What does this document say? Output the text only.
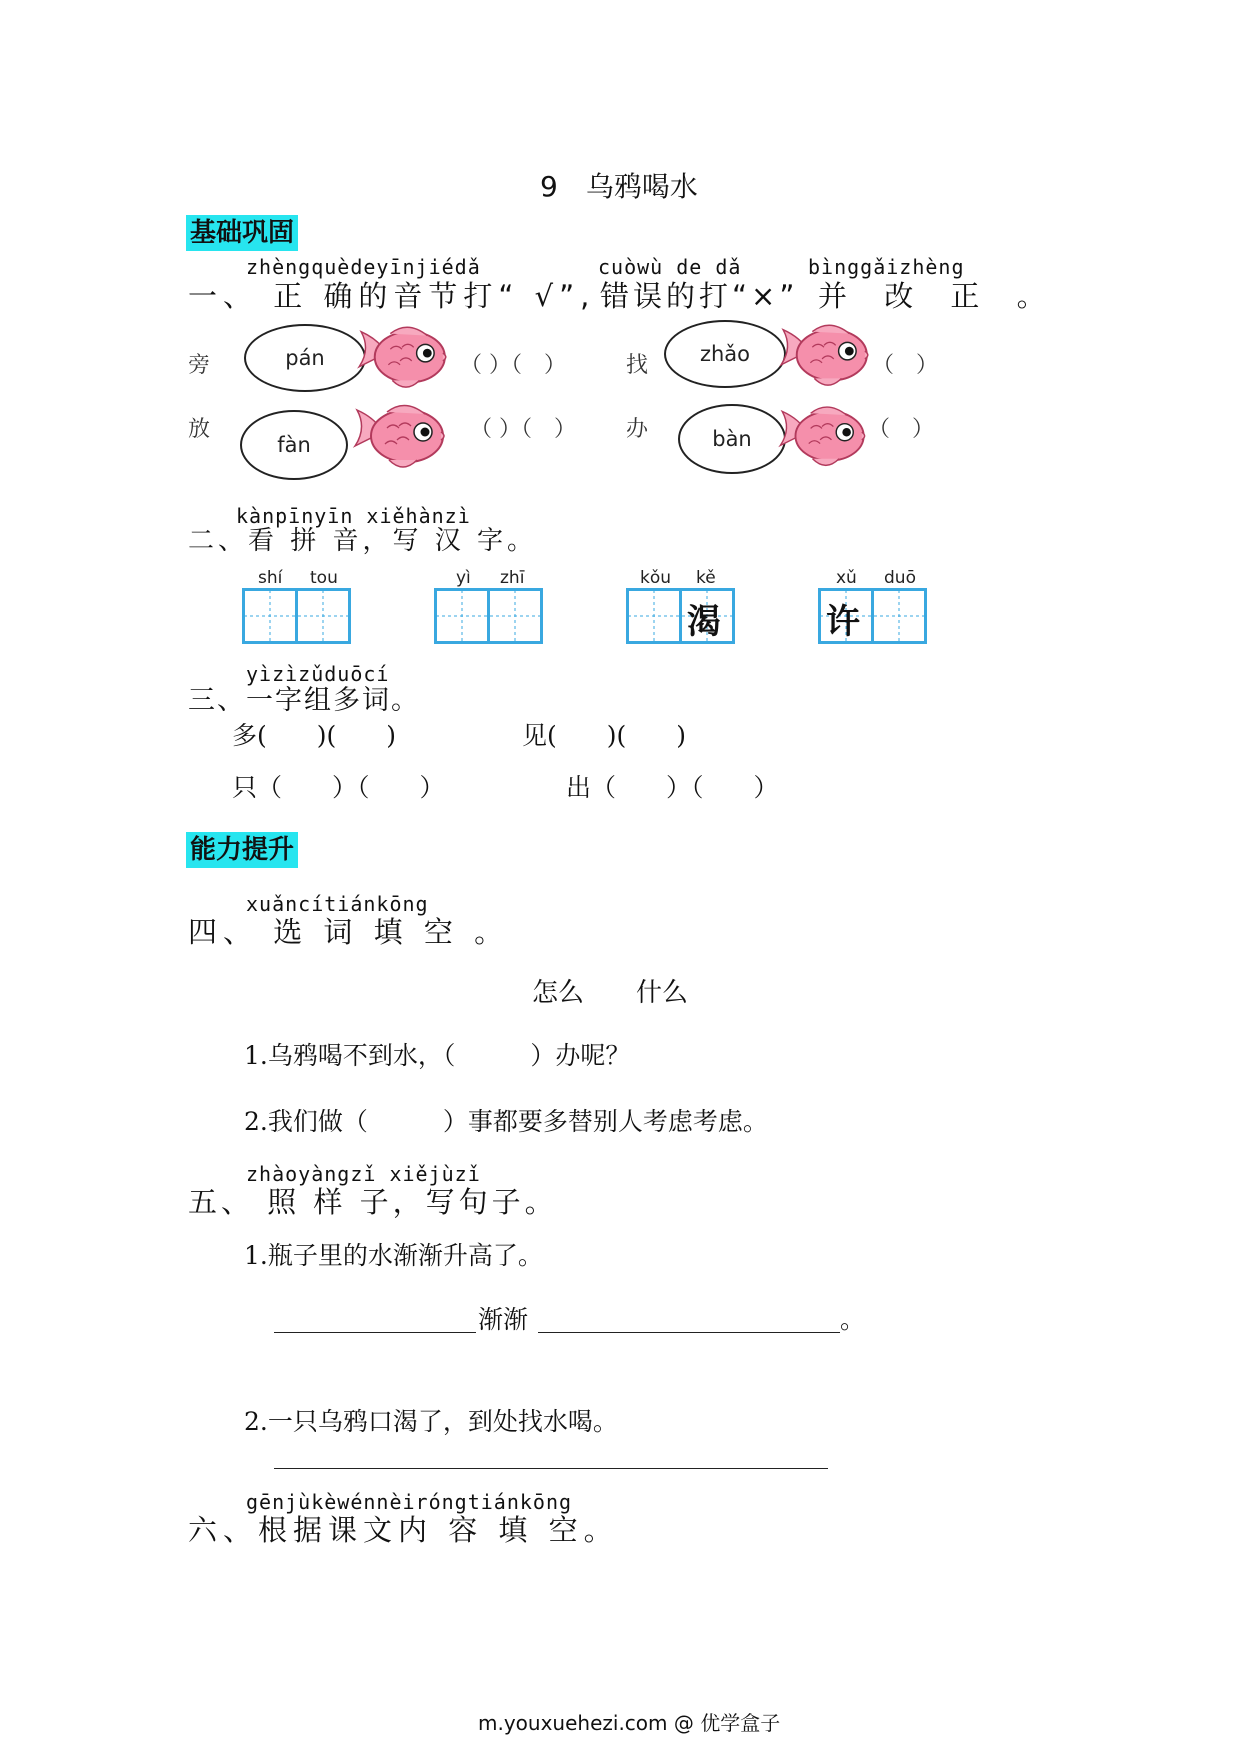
9　乌鸦喝水
基础巩固
zhèngquèdeyīnjiédǎ	cuòwù de dǎ	bìnggǎizhèng
一、 正 确的音节打“ √”, 错误的打“×” 并 改 正 。
旁	pán	（ ）（　）	找 zhǎo	（　）
放
fàn
（ ）（　） 办	bàn	（　）
kànpīnyīn xiěhànzì
二、看 拼 音，写 汉 字。
shí tou	yì zhī	kǒu kě
渴
xǔ duō
许
yìzìzǔduōcí
三、一字组多词。
多(　　)(　　)	见(　　)(　　)
只（　　）（　　）	出（　　）（　　）
能力提升
xuǎncítiánkōng
四、 选 词 填 空 。
怎么　　什么
1.乌鸦喝不到水，（　　　）办呢？
2.我们做（　　　）事都要多替别人考虑考虑。
zhàoyàngzǐ xiějùzǐ
五、 照 样 子，写句子。
1.瓶子里的水渐渐升高了。
渐渐	。
2.一只乌鸦口渴了，到处找水喝。
gēnjùkèwénnèiróngtiánkōng
六、根据课文内 容 填 空。
m.youxuehezi.com @ 优学盒子
